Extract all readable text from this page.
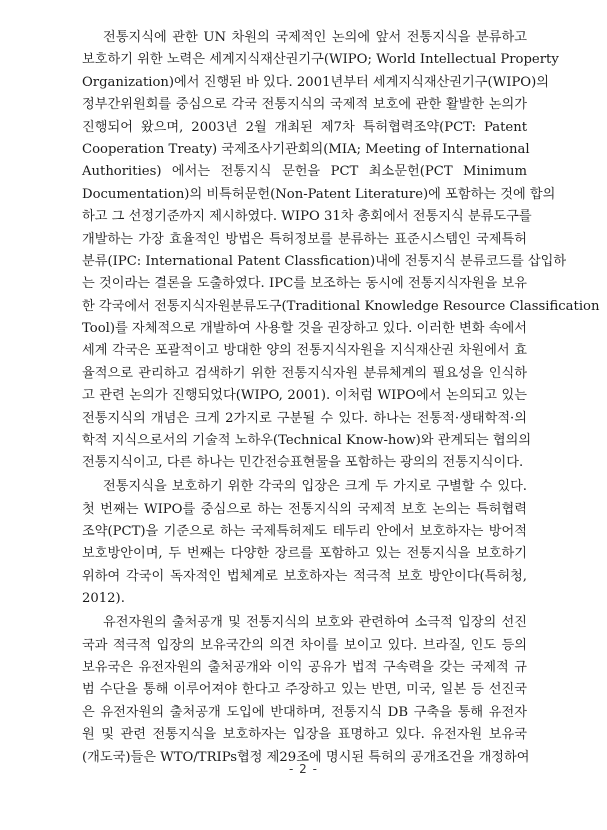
전통지식에 관한 UN 차원의 국제적인 논의에 앞서 전통지식을 분류하고
보호하기 위한 노력은 세계지식재산권기구(WIPO; World Intellectual Property
Organization)에서 진행된 바 있다. 2001년부터 세계지식재산권기구(WIPO)의
정부간위원회를 중심으로 각국 전통지식의 국제적 보호에 관한 활발한 논의가
진행되어 왔으며, 2003년 2월 개최된 제7차 특허협력조약(PCT: Patent
Cooperation Treaty) 국제조사기관회의(MIA; Meeting of International
Authorities) 에서는 전통지식 문헌을 PCT 최소문헌(PCT Minimum
Documentation)의 비특허문헌(Non-Patent Literature)에 포함하는 것에 합의
하고 그 선정기준까지 제시하였다. WIPO 31차 총회에서 전통지식 분류도구를
개발하는 가장 효율적인 방법은 특허정보를 분류하는 표준시스템인 국제특허
분류(IPC: International Patent Classfication)내에 전통지식 분류코드를 삽입하
는 것이라는 결론을 도출하였다. IPC를 보조하는 동시에 전통지식자원을 보유
한 각국에서 전통지식자원분류도구(Traditional Knowledge Resource Classification
Tool)를 자체적으로 개발하여 사용할 것을 권장하고 있다. 이러한 변화 속에서
세계 각국은 포괄적이고 방대한 양의 전통지식자원을 지식재산권 차원에서 효
율적으로 관리하고 검색하기 위한 전통지식자원 분류체계의 필요성을 인식하
고 관련 논의가 진행되었다(WIPO, 2001). 이처럼 WIPO에서 논의되고 있는
전통지식의 개념은 크게 2가지로 구분될 수 있다. 하나는 전통적·생태학적·의
학적 지식으로서의 기술적 노하우(Technical Know-how)와 관계되는 협의의
전통지식이고, 다른 하나는 민간전승표현물을 포함하는 광의의 전통지식이다.
전통지식을 보호하기 위한 각국의 입장은 크게 두 가지로 구별할 수 있다.
첫 번째는 WIPO를 중심으로 하는 전통지식의 국제적 보호 논의는 특허협력
조약(PCT)을 기준으로 하는 국제특허제도 테두리 안에서 보호하자는 방어적
보호방안이며, 두 번째는 다양한 장르를 포함하고 있는 전통지식을 보호하기
위하여 각국이 독자적인 법체계로 보호하자는 적극적 보호 방안이다(특허청,
2012).
유전자원의 출처공개 및 전통지식의 보호와 관련하여 소극적 입장의 선진
국과 적극적 입장의 보유국간의 의견 차이를 보이고 있다. 브라질, 인도 등의
보유국은 유전자원의 출처공개와 이익 공유가 법적 구속력을 갖는 국제적 규
범 수단을 통해 이루어져야 한다고 주장하고 있는 반면, 미국, 일본 등 선진국
은 유전자원의 출처공개 도입에 반대하며, 전통지식 DB 구축을 통해 유전자
원 및 관련 전통지식을 보호하자는 입장을 표명하고 있다. 유전자원 보유국
(개도국)들은 WTO/TRIPs협정 제29조에 명시된 특허의 공개조건을 개정하여
- 2 -
